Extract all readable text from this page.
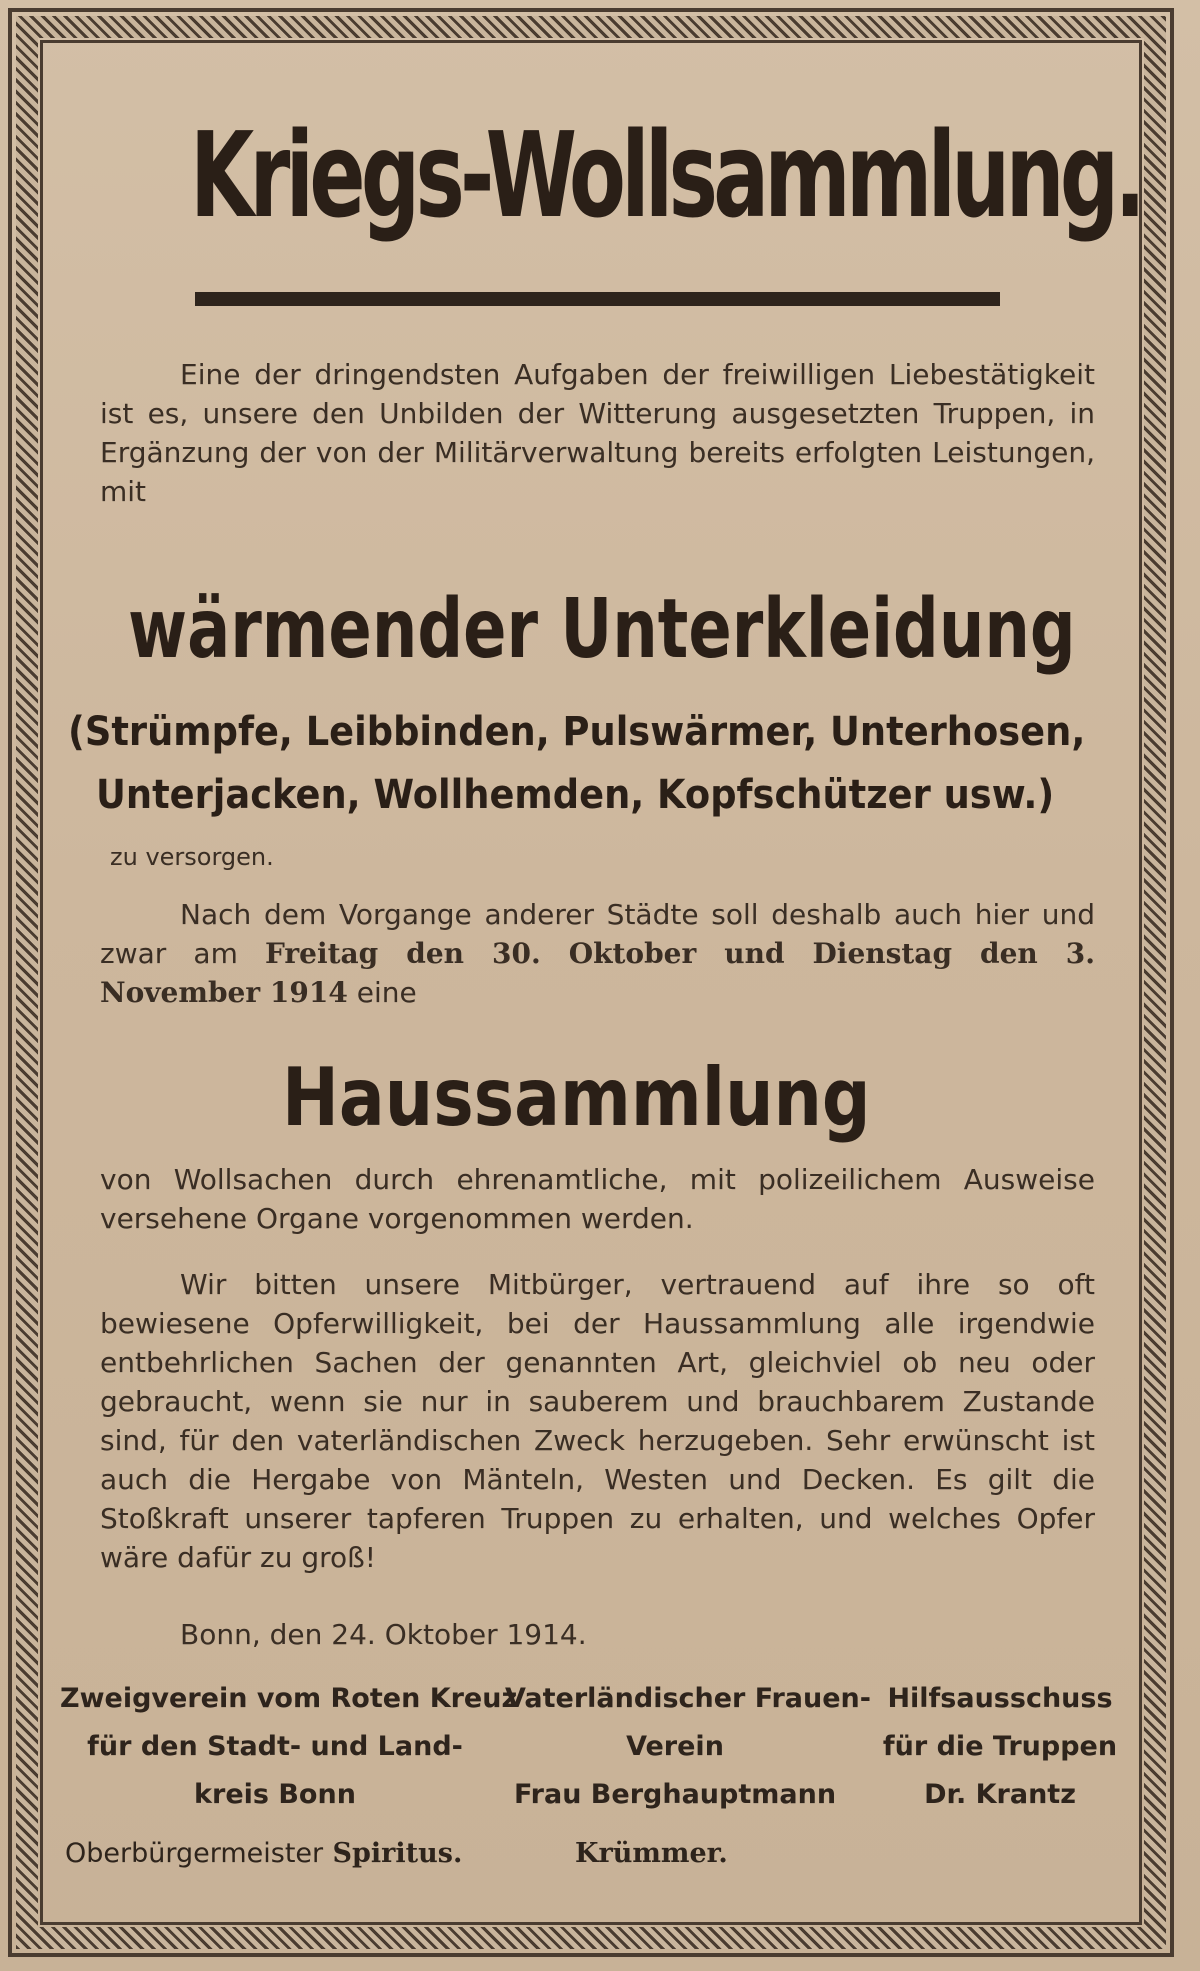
Kriegs-Wollsammlung.
Eine der dringendsten Aufgaben der freiwilligen Liebestätigkeit ist es, unsere den Unbilden der Witterung ausgesetzten Truppen, in Ergänzung der von der Militärverwaltung bereits erfolgten Leistungen, mit
wärmender Unterkleidung
(Strümpfe, Leibbinden, Pulswärmer, Unterhosen,
Unterjacken, Wollhemden, Kopfschützer usw.)
zu versorgen.
Nach dem Vorgange anderer Städte soll deshalb auch hier und zwar am Freitag den 30. Oktober und Dienstag den 3. November 1914 eine
Haussammlung
von Wollsachen durch ehrenamtliche, mit polizeilichem Ausweise versehene Organe vorgenommen werden.
Wir bitten unsere Mitbürger, vertrauend auf ihre so oft bewiesene Opferwilligkeit, bei der Haussammlung alle irgendwie entbehrlichen Sachen der genannten Art, gleichviel ob neu oder gebraucht, wenn sie nur in sauberem und brauchbarem Zustande sind, für den vaterländischen Zweck herzugeben. Sehr erwünscht ist auch die Hergabe von Mänteln, Westen und Decken. Es gilt die Stoßkraft unserer tapferen Truppen zu erhalten, und welches Opfer wäre dafür zu groß!
Bonn, den 24. Oktober 1914.
Zweigverein vom Roten Kreuz
für den Stadt- und Land-
kreis Bonn
Vaterländischer Frauen-
Verein
Frau Berghauptmann
Hilfsausschuss
für die Truppen
Dr. Krantz
Oberbürgermeister Spiritus.	Krümmer.
